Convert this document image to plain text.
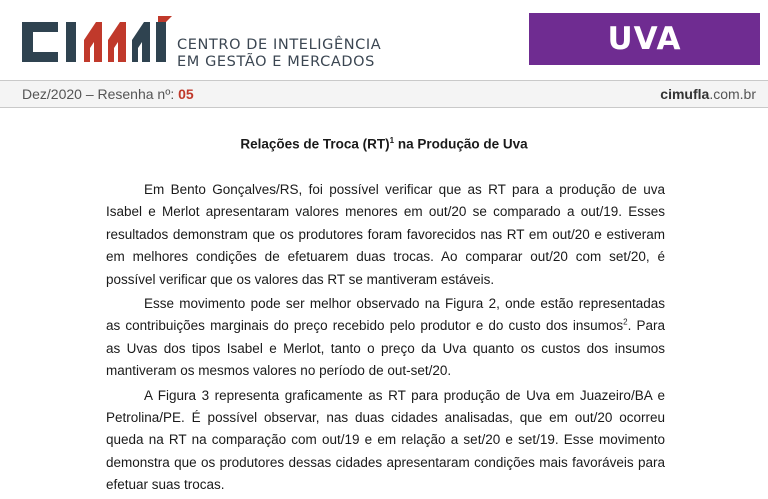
CENTRO DE INTELIGÊNCIA
EM GESTÃO E MERCADOS
UVA
Dez/2020 – Resenha nº: 05	cimufla.com.br
Relações de Troca (RT)$^1$ na Produção de Uva

Em Bento Gonçalves/RS, foi possível verificar que as RT para a produção de uva Isabel e Merlot apresentaram valores menores em out/20 se comparado a out/19. Esses resultados demonstram que os produtores foram favorecidos nas RT em out/20 e estiveram em melhores condições de efetuarem duas trocas. Ao comparar out/20 com set/20, é possível verificar que os valores das RT se mantiveram estáveis.

Esse movimento pode ser melhor observado na Figura 2, onde estão representadas as contribuições marginais do preço recebido pelo produtor e do custo dos insumos$^2$. Para as Uvas dos tipos Isabel e Merlot, tanto o preço da Uva quanto os custos dos insumos mantiveram os mesmos valores no período de out-set/20.

A Figura 3 representa graficamente as RT para produção de Uva em Juazeiro/BA e Petrolina/PE. É possível observar, nas duas cidades analisadas, que em out/20 ocorreu queda na RT na comparação com out/19 e em relação a set/20 e set/19. Esse movimento demonstra que os produtores dessas cidades apresentaram condições mais favoráveis para efetuar suas trocas.
